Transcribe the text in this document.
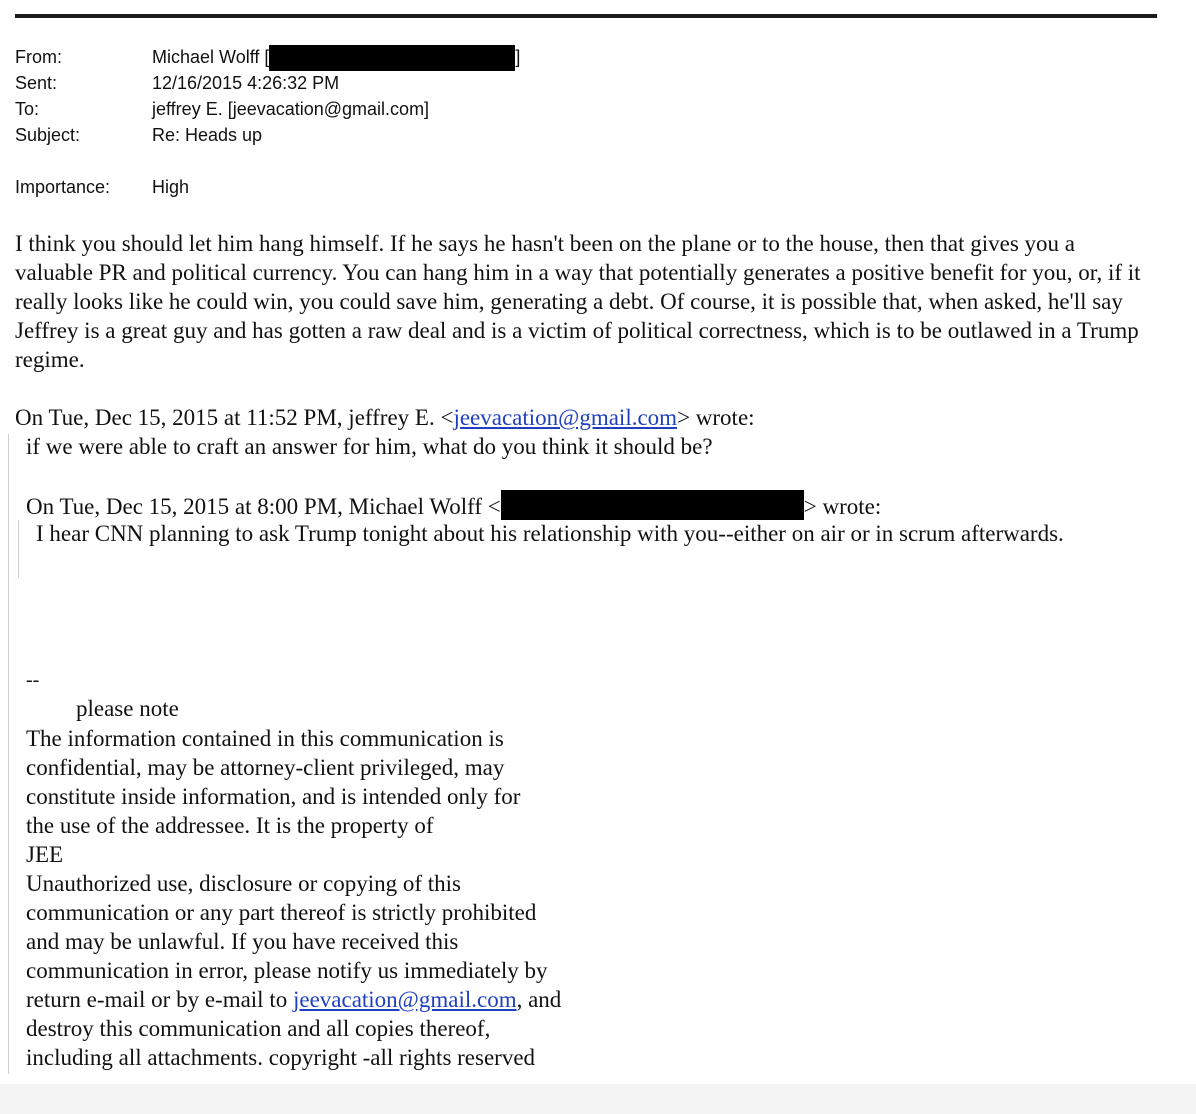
From:	Michael Wolff [	]
Sent:	12/16/2015 4:26:32 PM
To:	jeffrey E. [jeevacation@gmail.com]
Subject:	Re: Heads up
Importance: High
I think you should let him hang himself. If he says he hasn't been on the plane or to the house, then that gives you a valuable PR and political currency. You can hang him in a way that potentially generates a positive benefit for you, or, if it really looks like he could win, you could save him, generating a debt. Of course, it is possible that, when asked, he'll say Jeffrey is a great guy and has gotten a raw deal and is a victim of political correctness, which is to be outlawed in a Trump regime.
On Tue, Dec 15, 2015 at 11:52 PM, jeffrey E. <jeevacation@gmail.com> wrote:
if we were able to craft an answer for him, what do you think it should be?
On Tue, Dec 15, 2015 at 8:00 PM, Michael Wolff <	> wrote:
I hear CNN planning to ask Trump tonight about his relationship with you--either on air or in scrum afterwards.
--
please note
The information contained in this communication is
confidential, may be attorney-client privileged, may
constitute inside information, and is intended only for
the use of the addressee. It is the property of
JEE
Unauthorized use, disclosure or copying of this
communication or any part thereof is strictly prohibited
and may be unlawful. If you have received this
communication in error, please notify us immediately by
return e-mail or by e-mail to jeevacation@gmail.com, and
destroy this communication and all copies thereof,
including all attachments. copyright -all rights reserved
